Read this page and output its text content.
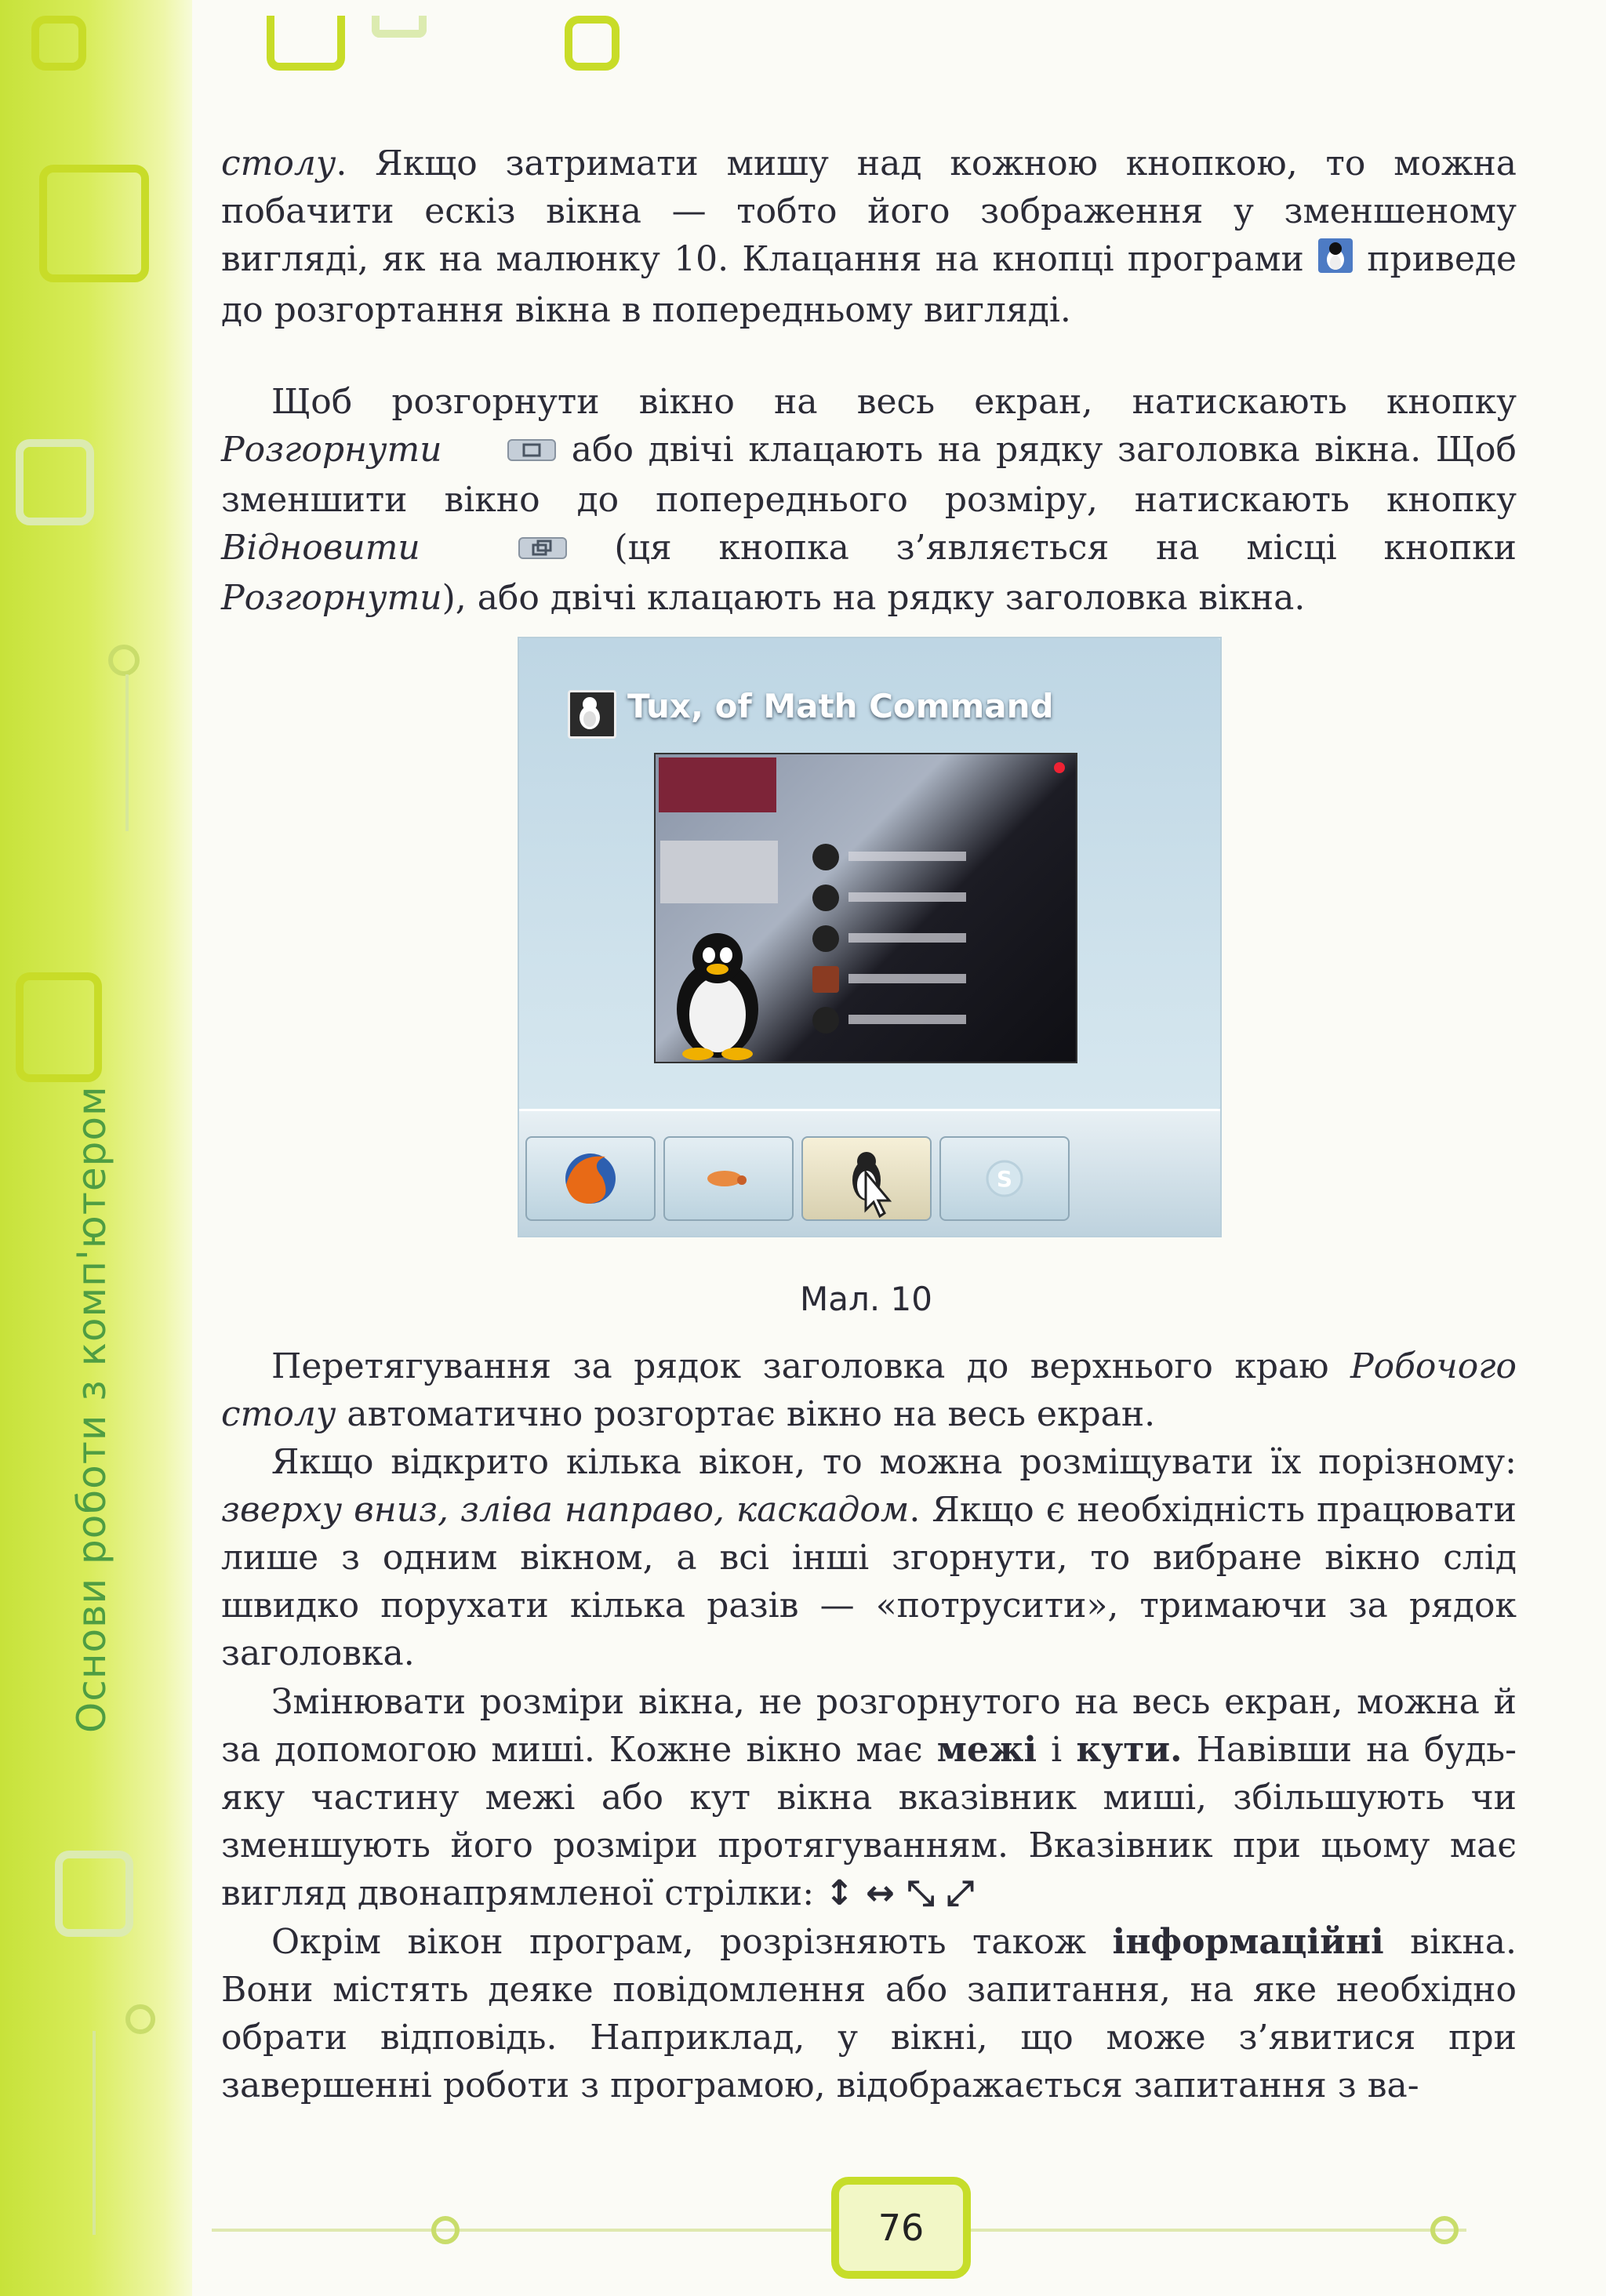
Основи роботи з комп'ютером
столу. Якщо затримати мишу над кожною кнопкою, то можна побачити ескіз вікна — тобто його зображення у зменшеному вигляді, як на малюнку 10. Клацання на кнопці програми  приведе до розгортання вікна в попередньому вигляді.
Щоб розгорнути вікно на весь екран, натискають кнопку Розгорнути	або двічі клацають на рядку заголовка вікна. Щоб зменшити вікно до попереднього розміру, натискають кнопку Відновити	(ця кнопка з’являється на місці кнопки Розгорнути), або двічі клацають на рядку заголовка вікна.
Tux, of Math Command
S
Мал. 10
Перетягування за рядок заголовка до верхнього краю Робочого столу автоматично розгортає вікно на весь екран.
Якщо відкрито кілька вікон, то можна розміщувати їх порізному: зверху вниз, зліва направо, каскадом. Якщо є необхідність працювати лише з одним вікном, а всі інші згорнути, то вибране вікно слід швидко порухати кілька разів — «потрусити», тримаючи за рядок заголовка.
Змінювати розміри вікна, не розгорнутого на весь екран, можна й за допомогою миші. Кожне вікно має межі і кути. Навівши на будь-яку частину межі або кут вікна вказівник миші, збільшують чи зменшують його розміри протягуванням. Вказівник при цьому має вигляд двонапрямленої стрілки: ↕ ↔ ⤡ ⤢
Окрім вікон програм, розрізняють також інформаційні вікна. Вони містять деяке повідомлення або запитання, на яке необхідно обрати відповідь. Наприклад, у вікні, що може з’явитися при завершенні роботи з програмою, відображається запитання з ва-
76
